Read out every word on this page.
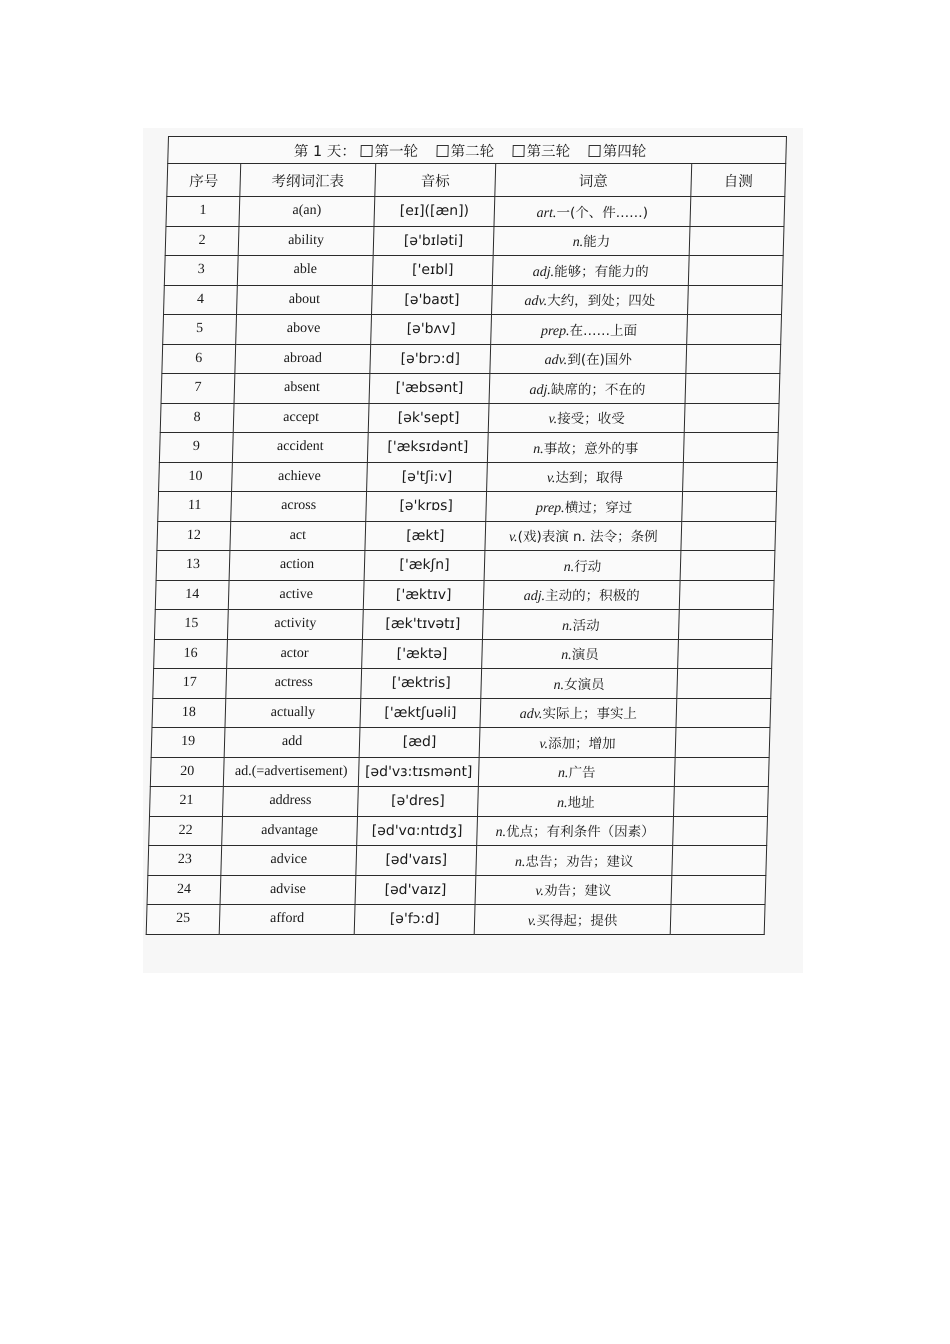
第 1 天： 第一轮 第二轮 第三轮 第四轮				
序号	考纲词汇表	音标	词意	自测
1	a(an)	[eɪ]([æn])	art.一(个、件……)	
2	ability	[ə'bɪləti]	n.能力	
3	able	['eɪbl]	adj.能够；有能力的	
4	about	[ə'baʊt]	adv.大约，到处；四处	
5	above	[ə'bʌv]	prep.在……上面	
6	abroad	[ə'brɔ:d]	adv.到(在)国外	
7	absent	['æbsənt]	adj.缺席的；不在的	
8	accept	[ək'sept]	v.接受；收受	
9	accident	['æksɪdənt]	n.事故；意外的事	
10	achieve	[ə'tʃi:v]	v.达到；取得	
11	across	[ə'krɒs]	prep.横过；穿过	
12	act	[ækt]	v.(戏)表演 n. 法令；条例	
13	action	['ækʃn]	n.行动	
14	active	['æktɪv]	adj.主动的；积极的	
15	activity	[æk'tɪvətɪ]	n.活动	
16	actor	['æktə]	n.演员	
17	actress	['æktris]	n.女演员	
18	actually	['æktʃuəli]	adv.实际上；事实上	
19	add	[æd]	v.添加；增加	
20	ad.(=advertisement)	[əd'vɜ:tɪsmənt]	n.广告	
21	address	[ə'dres]	n.地址	
22	advantage	[əd'vɑ:ntɪdʒ]	n.优点；有利条件（因素）	
23	advice	[əd'vaɪs]	n.忠告；劝告；建议	
24	advise	[əd'vaɪz]	v.劝告；建议	
25	afford	[ə'fɔ:d]	v.买得起；提供	
